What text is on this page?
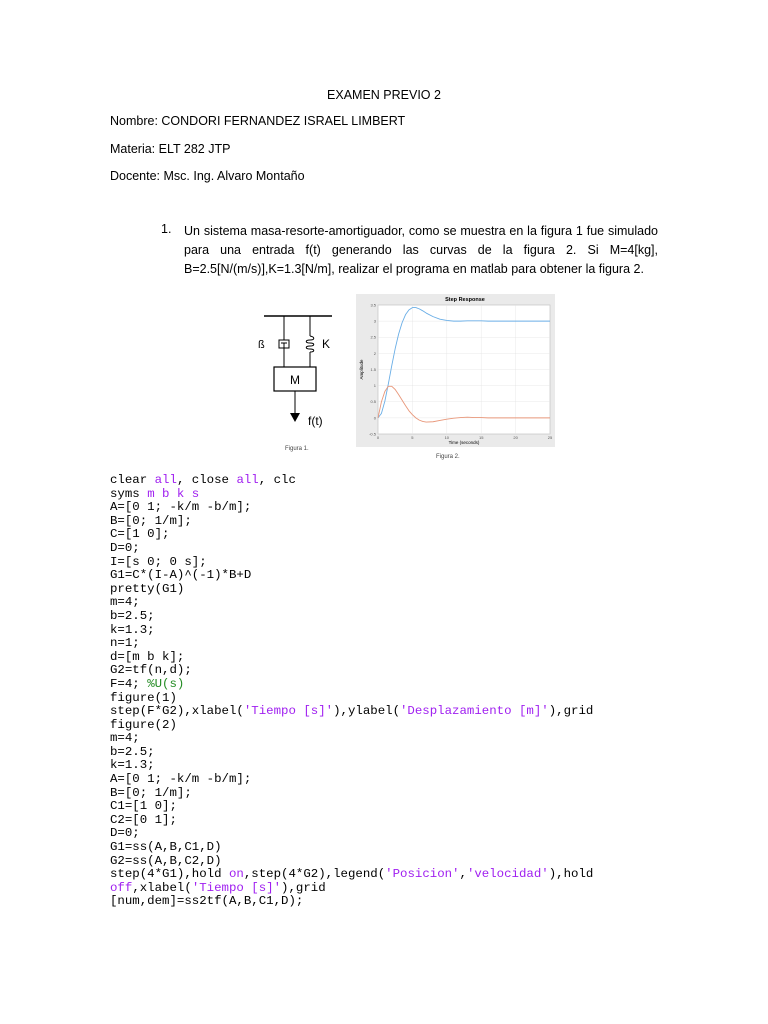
EXAMEN PREVIO 2
Nombre: CONDORI FERNANDEZ ISRAEL LIMBERT
Materia: ELT 282 JTP
Docente: Msc. Ing. Alvaro Montaño
1. Un sistema masa-resorte-amortiguador, como se muestra en la figura 1 fue simulado para una entrada f(t) generando las curvas de la figura 2. Si M=4[kg], B=2.5[N/(m/s)],K=1.3[N/m], realizar el programa en matlab para obtener la figura 2.
ß	K
M
f(t)
Figura 1.
Step Response
0	5	10	15	20	25
-0.5
0
0.5
1
1.5
2
2.5
3
3.5
Time (seconds)
Amplitude
Figura 2.
clear all, close all, clc
syms m b k s
A=[0 1; -k/m -b/m];
B=[0; 1/m];
C=[1 0];
D=0;
I=[s 0; 0 s];
G1=C*(I-A)^(-1)*B+D
pretty(G1)
m=4;
b=2.5;
k=1.3;
n=1;
d=[m b k];
G2=tf(n,d);
F=4; %U(s)
figure(1)
step(F*G2),xlabel('Tiempo [s]'),ylabel('Desplazamiento [m]'),grid
figure(2)
m=4;
b=2.5;
k=1.3;
A=[0 1; -k/m -b/m];
B=[0; 1/m];
C1=[1 0];
C2=[0 1];
D=0;
G1=ss(A,B,C1,D)
G2=ss(A,B,C2,D)
step(4*G1),hold on,step(4*G2),legend('Posicion','velocidad'),hold
off,xlabel('Tiempo [s]'),grid
[num,dem]=ss2tf(A,B,C1,D);
